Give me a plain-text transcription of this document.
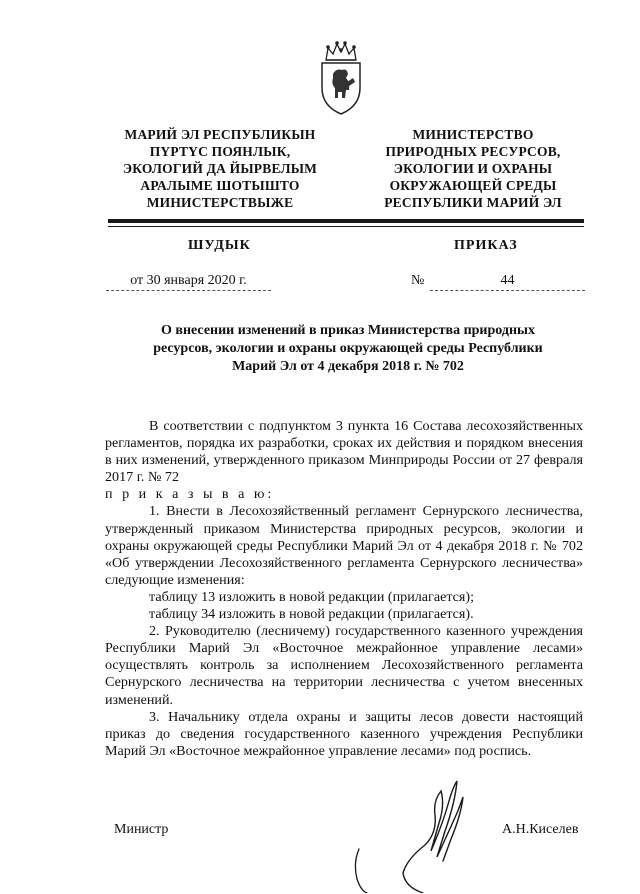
МАРИЙ ЭЛ РЕСПУБЛИКЫН
ПҮРТҮС ПОЯНЛЫК,
ЭКОЛОГИЙ ДА ЙЫРВЕЛЫМ
АРАЛЫМЕ ШОТЫШТО
МИНИСТЕРСТВЫЖЕ
МИНИСТЕРСТВО
ПРИРОДНЫХ РЕСУРСОВ,
ЭКОЛОГИИ И ОХРАНЫ
ОКРУЖАЮЩЕЙ СРЕДЫ
РЕСПУБЛИКИ МАРИЙ ЭЛ
ШУДЫК	ПРИКАЗ
от 30 января 2020 г.	№	44
О внесении изменений в приказ Министерства природных
ресурсов, экологии и охраны окружающей среды Республики
Марий Эл от 4 декабря 2018 г. № 702

В соответствии с подпунктом 3 пункта 16 Состава лесохозяйственных регламентов, порядка их разработки, сроках их действия и порядком внесения в них изменений, утвержденного приказом Минприроды России от 27 февраля 2017 г. № 72

п р и к а з ы в а ю:

1. Внести в Лесохозяйственный регламент Сернурского лесничества, утвержденный приказом Министерства природных ресурсов, экологии и охраны окружающей среды Республики Марий Эл от 4 декабря 2018 г. № 702 «Об утверждении Лесохозяйственного регламента Сернурского лесничества» следующие изменения:

таблицу 13 изложить в новой редакции (прилагается);

таблицу 34 изложить в новой редакции (прилагается).

2. Руководителю (лесничему) государственного казенного учреждения Республики Марий Эл «Восточное межрайонное управление лесами» осуществлять контроль за исполнением Лесохозяйственного регламента Сернурского лесничества на территории лесничества с учетом внесенных изменений.

3. Начальнику отдела охраны и защиты лесов довести настоящий приказ до сведения государственного казенного учреждения Республики Марий Эл «Восточное межрайонное управление лесами» под роспись.

Министр	А.Н.Киселев
